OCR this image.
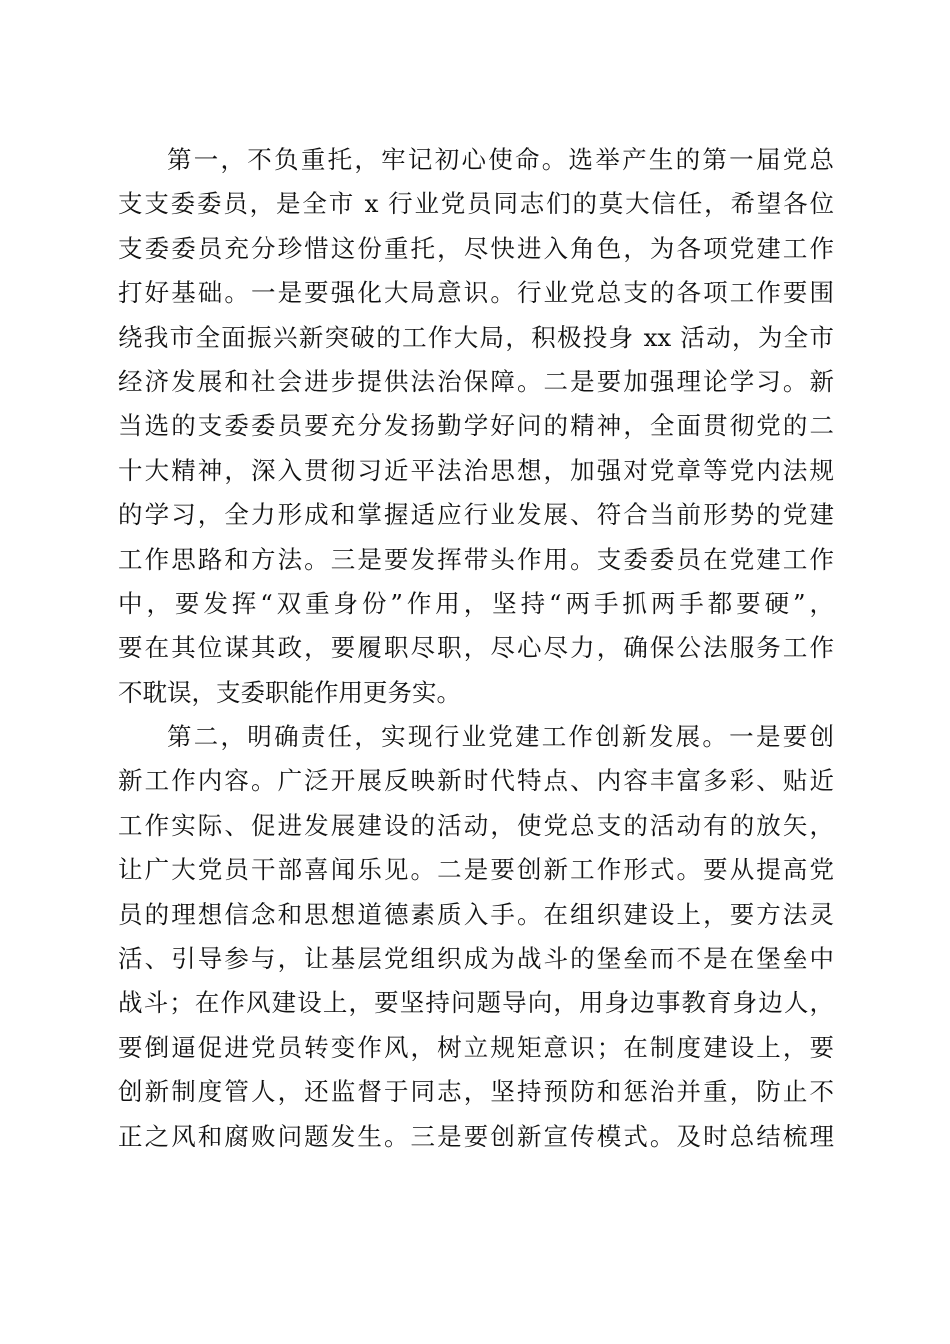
第一，不负重托，牢记初心使命。选举产生的第一届党总
支支委委员，是全市 x 行业党员同志们的莫大信任，希望各位
支委委员充分珍惜这份重托，尽快进入角色，为各项党建工作
打好基础。一是要强化大局意识。行业党总支的各项工作要围
绕我市全面振兴新突破的工作大局，积极投身 xx 活动，为全市
经济发展和社会进步提供法治保障。二是要加强理论学习。新
当选的支委委员要充分发扬勤学好问的精神，全面贯彻党的二
十大精神，深入贯彻习近平法治思想，加强对党章等党内法规
的学习，全力形成和掌握适应行业发展、符合当前形势的党建
工作思路和方法。三是要发挥带头作用。支委委员在党建工作
中，要发挥“双重身份”作用，坚持“两手抓两手都要硬”，
要在其位谋其政，要履职尽职，尽心尽力，确保公法服务工作
不耽误，支委职能作用更务实。
第二，明确责任，实现行业党建工作创新发展。一是要创
新工作内容。广泛开展反映新时代特点、内容丰富多彩、贴近
工作实际、促进发展建设的活动，使党总支的活动有的放矢，
让广大党员干部喜闻乐见。二是要创新工作形式。要从提高党
员的理想信念和思想道德素质入手。在组织建设上，要方法灵
活、引导参与，让基层党组织成为战斗的堡垒而不是在堡垒中
战斗；在作风建设上，要坚持问题导向，用身边事教育身边人，
要倒逼促进党员转变作风，树立规矩意识；在制度建设上，要
创新制度管人，还监督于同志，坚持预防和惩治并重，防止不
正之风和腐败问题发生。三是要创新宣传模式。及时总结梳理
